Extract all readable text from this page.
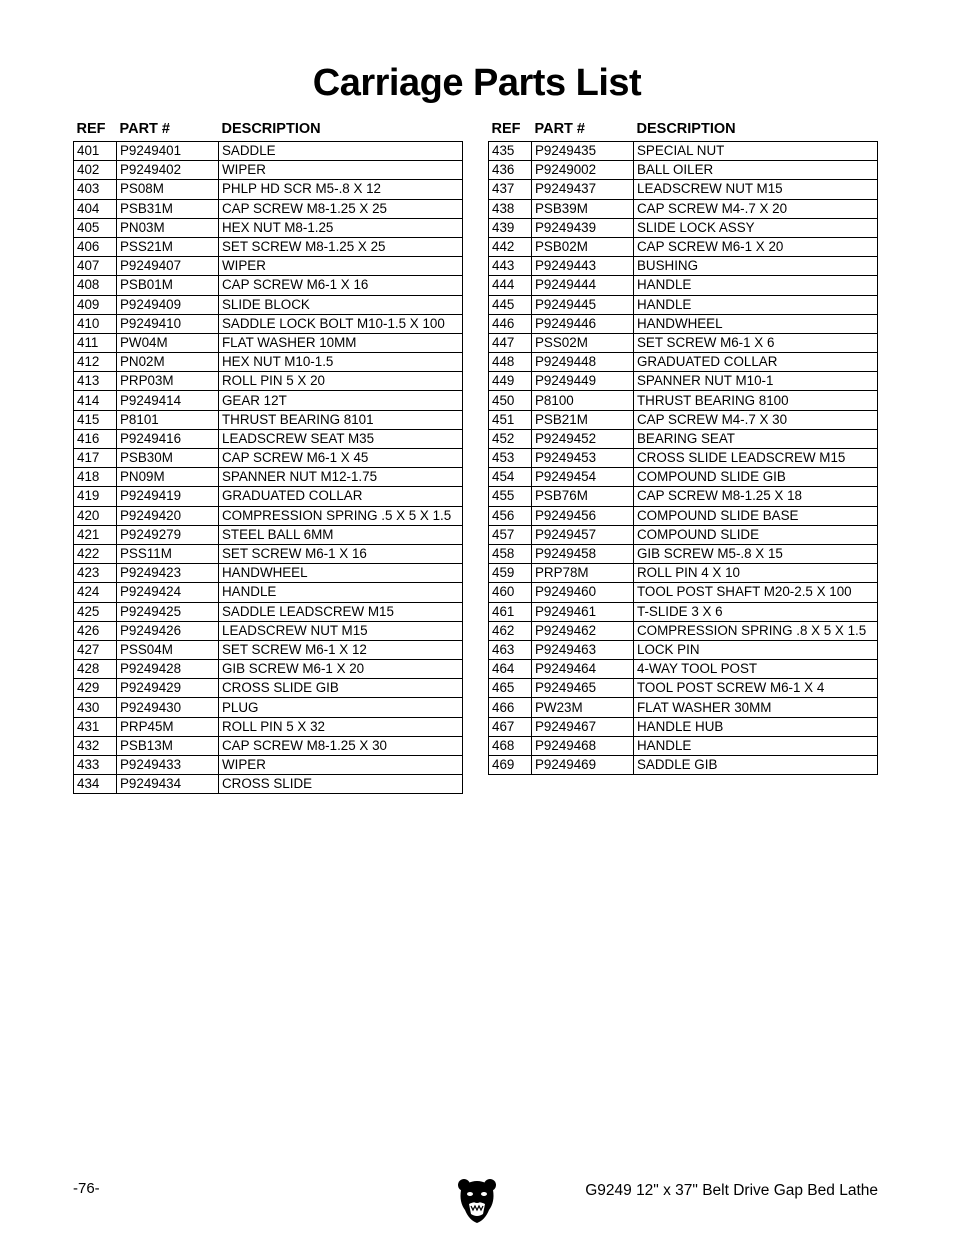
Carriage Parts List
REF	PART #	DESCRIPTION
401	P9249401	SADDLE
402	P9249402	WIPER
403	PS08M	PHLP HD SCR M5-.8 X 12
404	PSB31M	CAP SCREW M8-1.25 X 25
405	PN03M	HEX NUT M8-1.25
406	PSS21M	SET SCREW M8-1.25 X 25
407	P9249407	WIPER
408	PSB01M	CAP SCREW M6-1 X 16
409	P9249409	SLIDE BLOCK
410	P9249410	SADDLE LOCK BOLT M10-1.5 X 100
411	PW04M	FLAT WASHER 10MM
412	PN02M	HEX NUT M10-1.5
413	PRP03M	ROLL PIN 5 X 20
414	P9249414	GEAR 12T
415	P8101	THRUST BEARING 8101
416	P9249416	LEADSCREW SEAT M35
417	PSB30M	CAP SCREW M6-1 X 45
418	PN09M	SPANNER NUT M12-1.75
419	P9249419	GRADUATED COLLAR
420	P9249420	COMPRESSION SPRING .5 X 5 X 1.5
421	P9249279	STEEL BALL 6MM
422	PSS11M	SET SCREW M6-1 X 16
423	P9249423	HANDWHEEL
424	P9249424	HANDLE
425	P9249425	SADDLE LEADSCREW M15
426	P9249426	LEADSCREW NUT M15
427	PSS04M	SET SCREW M6-1 X 12
428	P9249428	GIB SCREW M6-1 X 20
429	P9249429	CROSS SLIDE GIB
430	P9249430	PLUG
431	PRP45M	ROLL PIN 5 X 32
432	PSB13M	CAP SCREW M8-1.25 X 30
433	P9249433	WIPER
434	P9249434	CROSS SLIDE
REF	PART #	DESCRIPTION
435	P9249435	SPECIAL NUT
436	P9249002	BALL OILER
437	P9249437	LEADSCREW NUT M15
438	PSB39M	CAP SCREW M4-.7 X 20
439	P9249439	SLIDE LOCK ASSY
442	PSB02M	CAP SCREW M6-1 X 20
443	P9249443	BUSHING
444	P9249444	HANDLE
445	P9249445	HANDLE
446	P9249446	HANDWHEEL
447	PSS02M	SET SCREW M6-1 X 6
448	P9249448	GRADUATED COLLAR
449	P9249449	SPANNER NUT M10-1
450	P8100	THRUST BEARING 8100
451	PSB21M	CAP SCREW M4-.7 X 30
452	P9249452	BEARING SEAT
453	P9249453	CROSS SLIDE LEADSCREW M15
454	P9249454	COMPOUND SLIDE GIB
455	PSB76M	CAP SCREW M8-1.25 X 18
456	P9249456	COMPOUND SLIDE BASE
457	P9249457	COMPOUND SLIDE
458	P9249458	GIB SCREW M5-.8 X 15
459	PRP78M	ROLL PIN 4 X 10
460	P9249460	TOOL POST SHAFT M20-2.5 X 100
461	P9249461	T-SLIDE 3 X 6
462	P9249462	COMPRESSION SPRING .8 X 5 X 1.5
463	P9249463	LOCK PIN
464	P9249464	4-WAY TOOL POST
465	P9249465	TOOL POST SCREW M6-1 X 4
466	PW23M	FLAT WASHER 30MM
467	P9249467	HANDLE HUB
468	P9249468	HANDLE
469	P9249469	SADDLE GIB
-76-	G9249 12" x 37" Belt Drive Gap Bed Lathe
